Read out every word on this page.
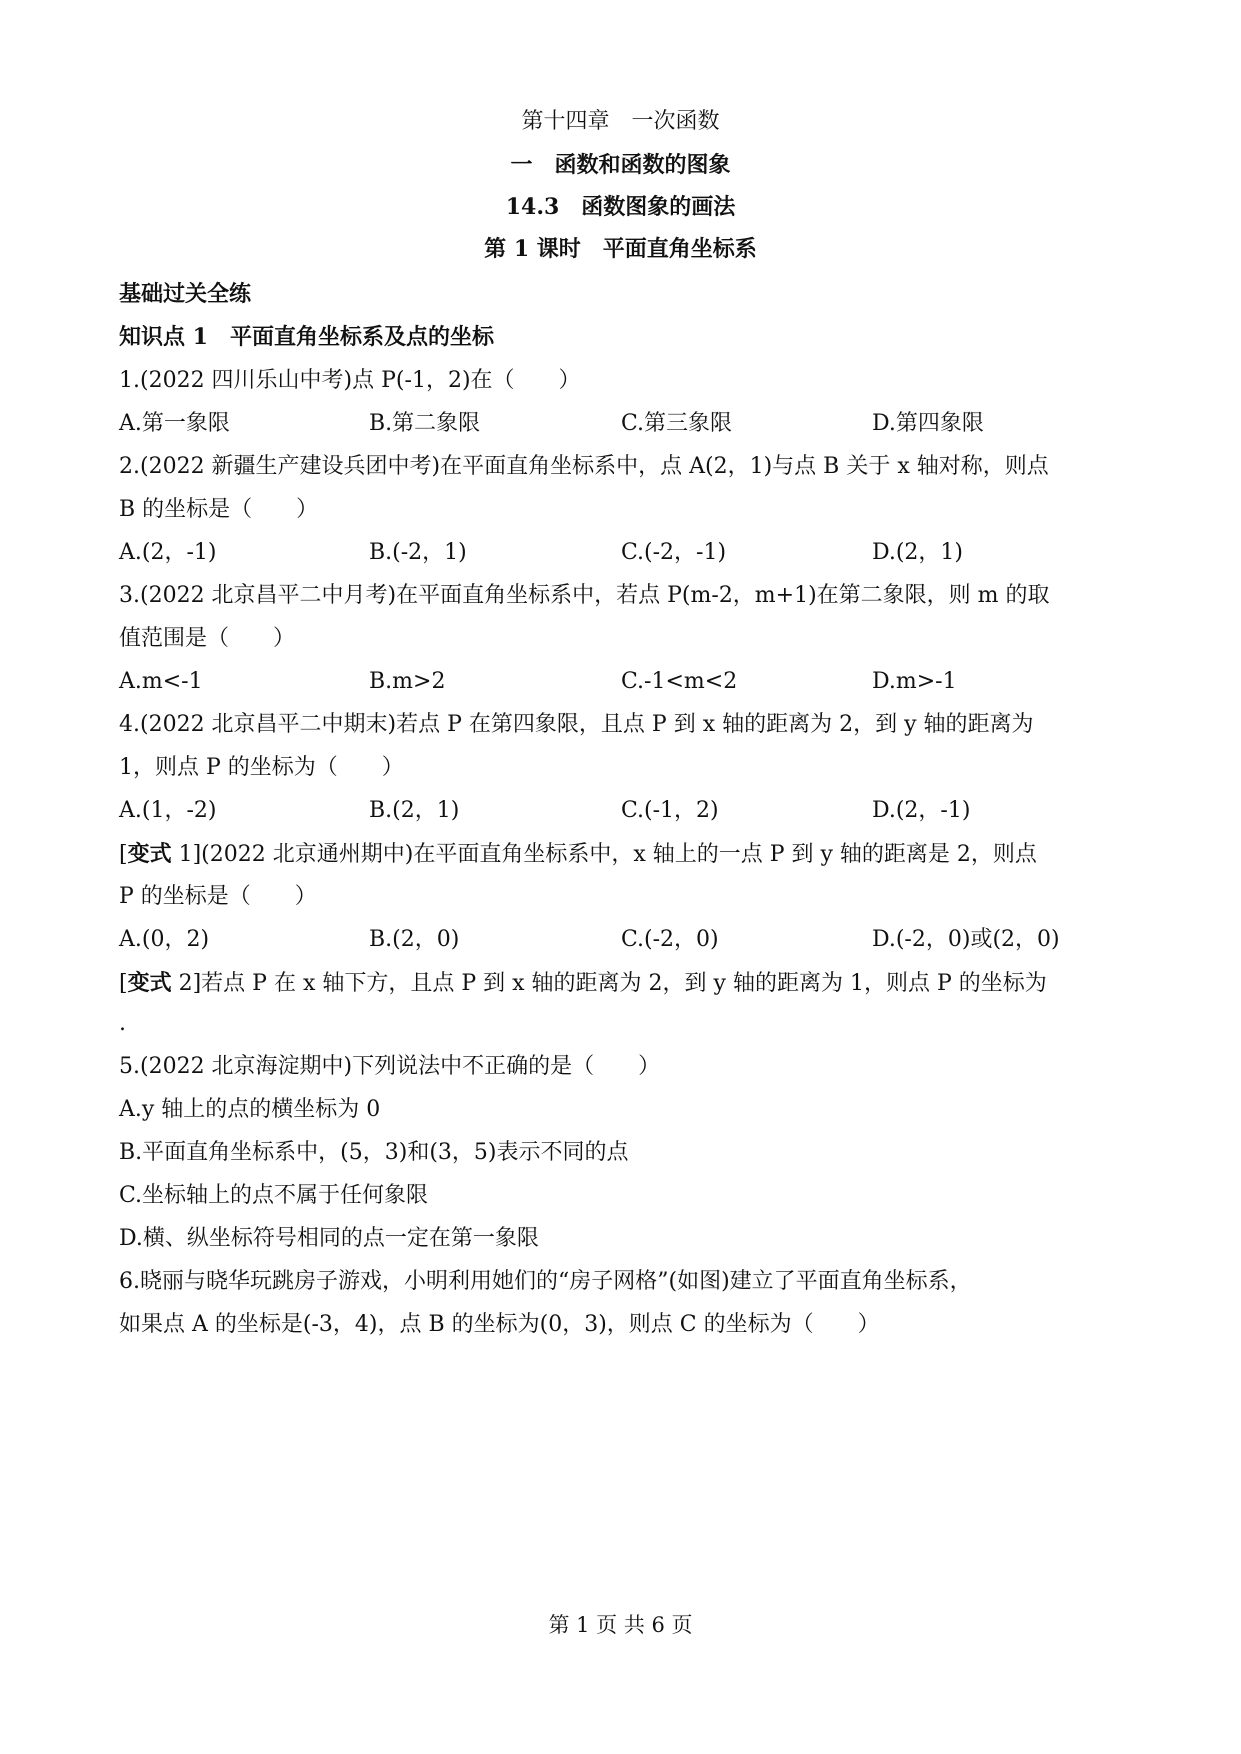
第十四章　一次函数
一　函数和函数的图象
14.3　函数图象的画法
第 1 课时　平面直角坐标系
基础过关全练
知识点 1　平面直角坐标系及点的坐标
1.(2022 四川乐山中考)点 P(-1，2)在（　　）
A.第一象限	B.第二象限	C.第三象限	D.第四象限
2.(2022 新疆生产建设兵团中考)在平面直角坐标系中，点 A(2，1)与点 B 关于 x 轴对称，则点
B 的坐标是（　　）
A.(2，-1)	B.(-2，1)	C.(-2，-1)	D.(2，1)
3.(2022 北京昌平二中月考)在平面直角坐标系中，若点 P(m-2，m+1)在第二象限，则 m 的取
值范围是（　　）
A.m<-1	B.m>2	C.-1<m<2	D.m>-1
4.(2022 北京昌平二中期末)若点 P 在第四象限，且点 P 到 x 轴的距离为 2，到 y 轴的距离为
1，则点 P 的坐标为（　　）
A.(1，-2)	B.(2，1)	C.(-1，2)	D.(2，-1)
[变式 1](2022 北京通州期中)在平面直角坐标系中，x 轴上的一点 P 到 y 轴的距离是 2，则点
P 的坐标是（　　）
A.(0，2)	B.(2，0)	C.(-2，0)	D.(-2，0)或(2，0)
[变式 2]若点 P 在 x 轴下方，且点 P 到 x 轴的距离为 2，到 y 轴的距离为 1，则点 P 的坐标为
.
5.(2022 北京海淀期中)下列说法中不正确的是（　　）
A.y 轴上的点的横坐标为 0
B.平面直角坐标系中，(5，3)和(3，5)表示不同的点
C.坐标轴上的点不属于任何象限
D.横、纵坐标符号相同的点一定在第一象限
6.晓丽与晓华玩跳房子游戏，小明利用她们的“房子网格”(如图)建立了平面直角坐标系，
如果点 A 的坐标是(-3，4)，点 B 的坐标为(0，3)，则点 C 的坐标为（　　）
第 1 页 共 6 页
